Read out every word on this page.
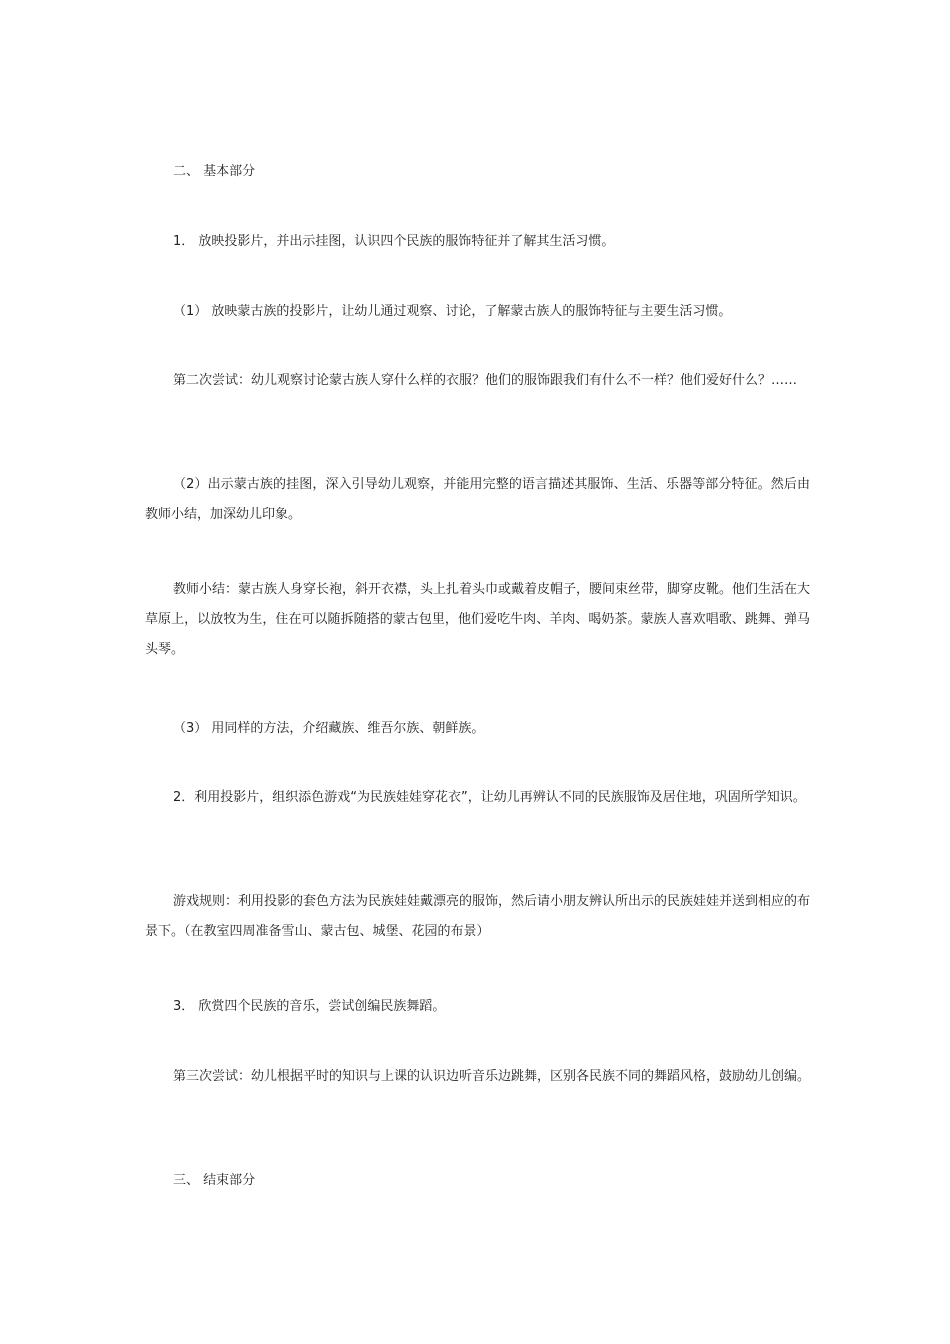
二、 基本部分

1． 放映投影片，并出示挂图，认识四个民族的服饰特征并了解其生活习惯。

（1） 放映蒙古族的投影片，让幼儿通过观察、讨论，了解蒙古族人的服饰特征与主要生活习惯。

第二次尝试：幼儿观察讨论蒙古族人穿什么样的衣服？他们的服饰跟我们有什么不一样？他们爱好什么？……

（2）出示蒙古族的挂图，深入引导幼儿观察，并能用完整的语言描述其服饰、生活、乐器等部分特征。然后由教师小结，加深幼儿印象。

教师小结：蒙古族人身穿长袍，斜开衣襟，头上扎着头巾或戴着皮帽子，腰间束丝带，脚穿皮靴。他们生活在大草原上，以放牧为生，住在可以随拆随搭的蒙古包里，他们爱吃牛肉、羊肉、喝奶茶。蒙族人喜欢唱歌、跳舞、弹马头琴。

（3） 用同样的方法，介绍藏族、维吾尔族、朝鲜族。

2．利用投影片，组织添色游戏“为民族娃娃穿花衣”，让幼儿再辨认不同的民族服饰及居住地，巩固所学知识。

游戏规则：利用投影的套色方法为民族娃娃戴漂亮的服饰，然后请小朋友辨认所出示的民族娃娃并送到相应的布景下。（在教室四周准备雪山、蒙古包、城堡、花园的布景）

3． 欣赏四个民族的音乐，尝试创编民族舞蹈。

第三次尝试：幼儿根据平时的知识与上课的认识边听音乐边跳舞，区别各民族不同的舞蹈风格，鼓励幼儿创编。

三、 结束部分
